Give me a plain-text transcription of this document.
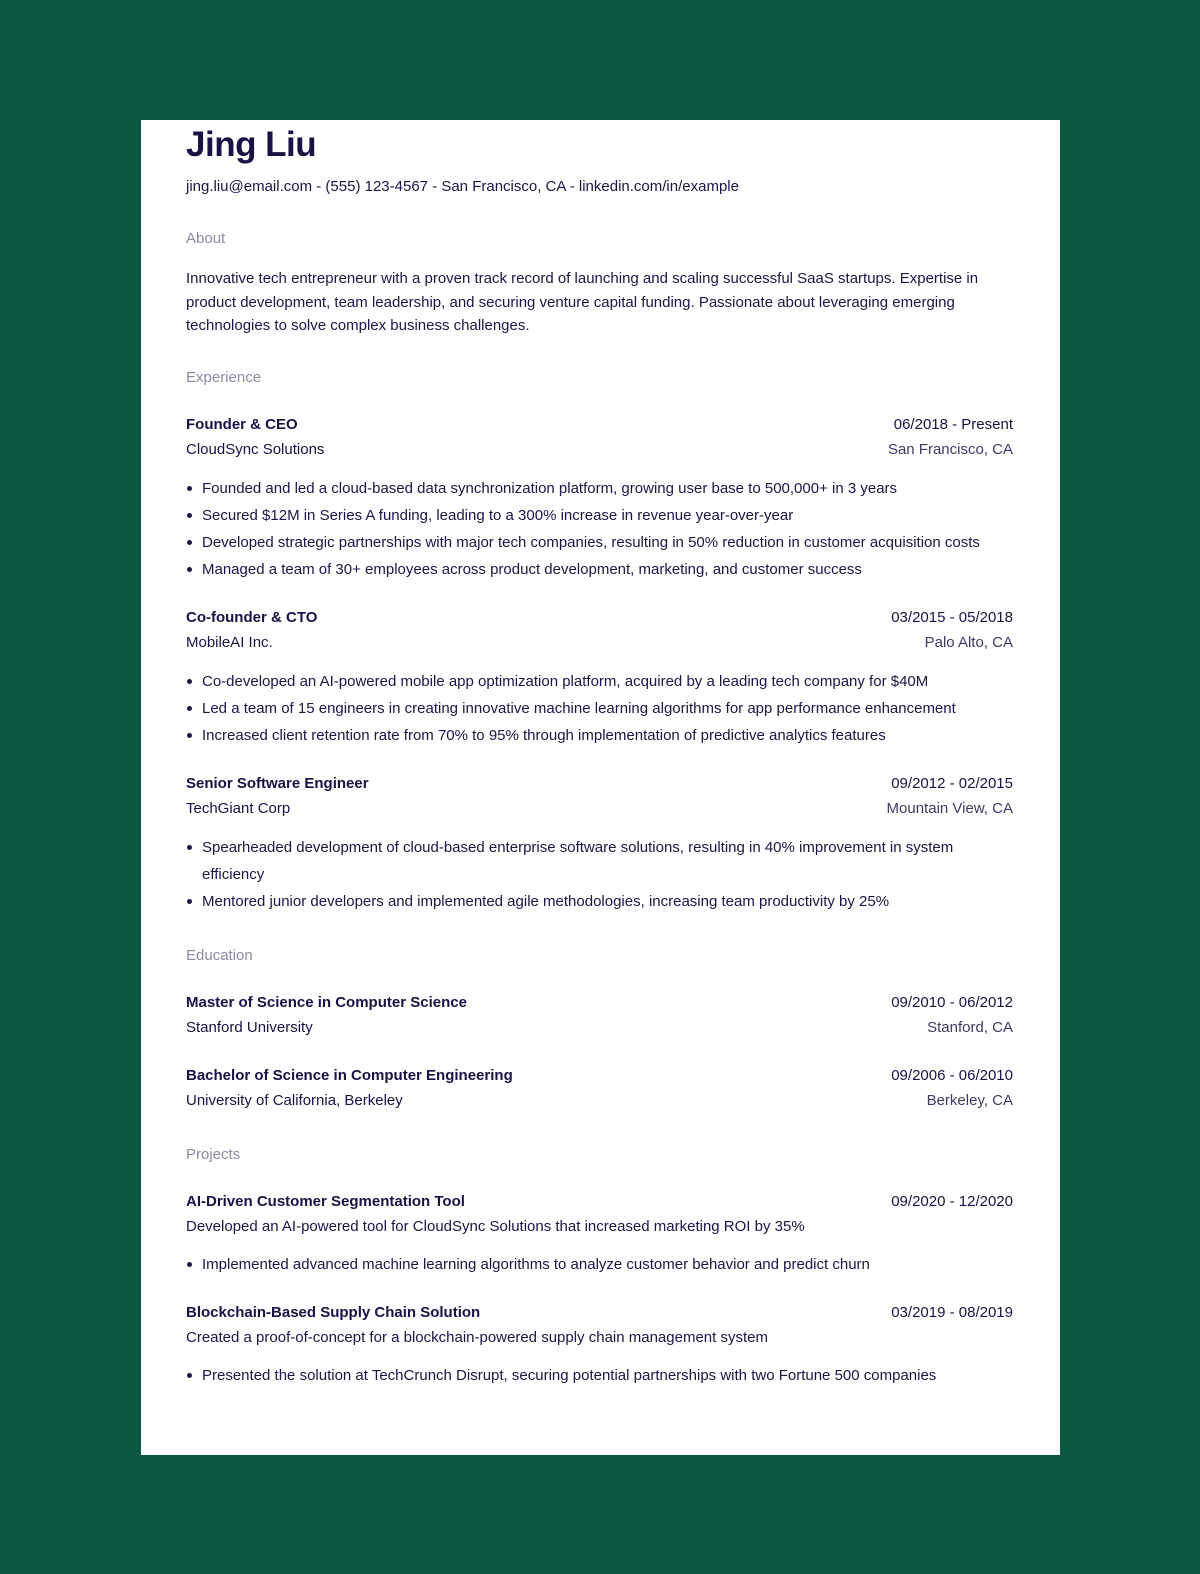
Jing Liu
jing.liu@email.com - (555) 123-4567 - San Francisco, CA - linkedin.com/in/example
About
Innovative tech entrepreneur with a proven track record of launching and scaling successful SaaS startups. Expertise in product development, team leadership, and securing venture capital funding. Passionate about leveraging emerging technologies to solve complex business challenges.
Experience
Founder & CEO	06/2018 - Present
CloudSync Solutions	San Francisco, CA
Founded and led a cloud-based data synchronization platform, growing user base to 500,000+ in 3 years
Secured $12M in Series A funding, leading to a 300% increase in revenue year-over-year
Developed strategic partnerships with major tech companies, resulting in 50% reduction in customer acquisition costs
Managed a team of 30+ employees across product development, marketing, and customer success
Co-founder & CTO	03/2015 - 05/2018
MobileAI Inc.	Palo Alto, CA
Co-developed an AI-powered mobile app optimization platform, acquired by a leading tech company for $40M
Led a team of 15 engineers in creating innovative machine learning algorithms for app performance enhancement
Increased client retention rate from 70% to 95% through implementation of predictive analytics features
Senior Software Engineer	09/2012 - 02/2015
TechGiant Corp	Mountain View, CA
Spearheaded development of cloud-based enterprise software solutions, resulting in 40% improvement in system efficiency
Mentored junior developers and implemented agile methodologies, increasing team productivity by 25%
Education
Master of Science in Computer Science	09/2010 - 06/2012
Stanford University	Stanford, CA
Bachelor of Science in Computer Engineering	09/2006 - 06/2010
University of California, Berkeley	Berkeley, CA
Projects
AI-Driven Customer Segmentation Tool	09/2020 - 12/2020
Developed an AI-powered tool for CloudSync Solutions that increased marketing ROI by 35%
Implemented advanced machine learning algorithms to analyze customer behavior and predict churn
Blockchain-Based Supply Chain Solution	03/2019 - 08/2019
Created a proof-of-concept for a blockchain-powered supply chain management system
Presented the solution at TechCrunch Disrupt, securing potential partnerships with two Fortune 500 companies
